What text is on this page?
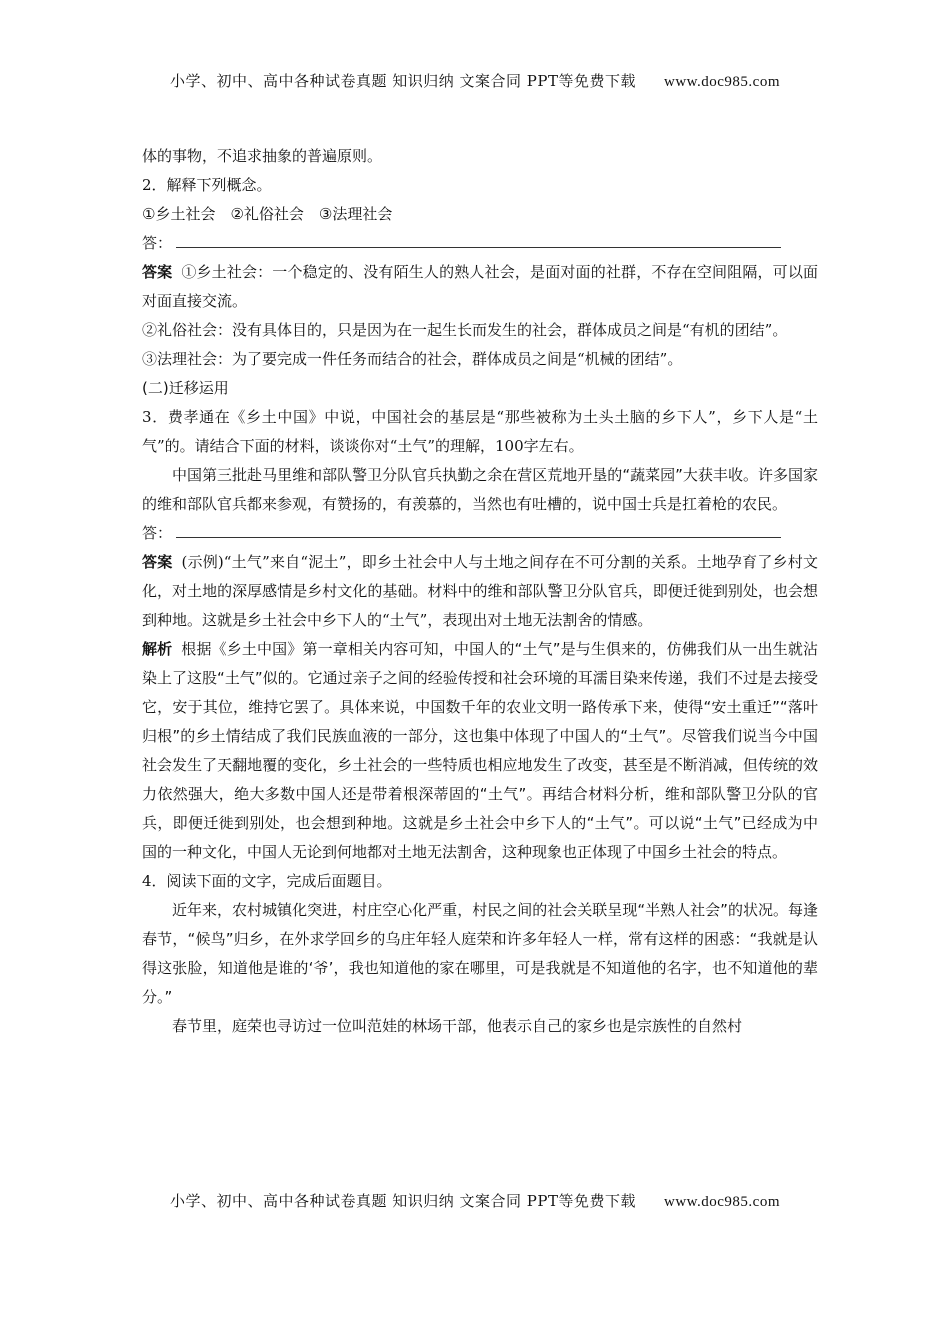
小学、初中、高中各种试卷真题 知识归纳 文案合同 PPT等免费下载 www.doc985.com

体的事物，不追求抽象的普遍原则。

2．解释下列概念。

①乡土社会　②礼俗社会　③法理社会

答：

答案 ①乡土社会：一个稳定的、没有陌生人的熟人社会，是面对面的社群，不存在空间阻隔，可以面对面直接交流。

②礼俗社会：没有具体目的，只是因为在一起生长而发生的社会，群体成员之间是“有机的团结”。

③法理社会：为了要完成一件任务而结合的社会，群体成员之间是“机械的团结”。

(二)迁移运用

3．费孝通在《乡土中国》中说，中国社会的基层是“那些被称为土头土脑的乡下人”，乡下人是“土气”的。请结合下面的材料，谈谈你对“土气”的理解，100字左右。

中国第三批赴马里维和部队警卫分队官兵执勤之余在营区荒地开垦的“蔬菜园”大获丰收。许多国家的维和部队官兵都来参观，有赞扬的，有羡慕的，当然也有吐槽的，说中国士兵是扛着枪的农民。

答：

答案 (示例)“土气”来自“泥土”，即乡土社会中人与土地之间存在不可分割的关系。土地孕育了乡村文化，对土地的深厚感情是乡村文化的基础。材料中的维和部队警卫分队官兵，即便迁徙到别处，也会想到种地。这就是乡土社会中乡下人的“土气”，表现出对土地无法割舍的情感。

解析 根据《乡土中国》第一章相关内容可知，中国人的“土气”是与生俱来的，仿佛我们从一出生就沾染上了这股“土气”似的。它通过亲子之间的经验传授和社会环境的耳濡目染来传递，我们不过是去接受它，安于其位，维持它罢了。具体来说，中国数千年的农业文明一路传承下来，使得“安土重迁”“落叶归根”的乡土情结成了我们民族血液的一部分，这也集中体现了中国人的“土气”。尽管我们说当今中国社会发生了天翻地覆的变化，乡土社会的一些特质也相应地发生了改变，甚至是不断消减，但传统的效力依然强大，绝大多数中国人还是带着根深蒂固的“土气”。再结合材料分析，维和部队警卫分队的官兵，即便迁徙到别处，也会想到种地。这就是乡土社会中乡下人的“土气”。可以说“土气”已经成为中国的一种文化，中国人无论到何地都对土地无法割舍，这种现象也正体现了中国乡土社会的特点。

4．阅读下面的文字，完成后面题目。

近年来，农村城镇化突进，村庄空心化严重，村民之间的社会关联呈现“半熟人社会”的状况。每逢春节，“候鸟”归乡，在外求学回乡的乌庄年轻人庭荣和许多年轻人一样，常有这样的困惑：“我就是认得这张脸，知道他是谁的‘爷’，我也知道他的家在哪里，可是我就是不知道他的名字，也不知道他的辈分。”

春节里，庭荣也寻访过一位叫范娃的林场干部，他表示自己的家乡也是宗族性的自然村

小学、初中、高中各种试卷真题 知识归纳 文案合同 PPT等免费下载 www.doc985.com
